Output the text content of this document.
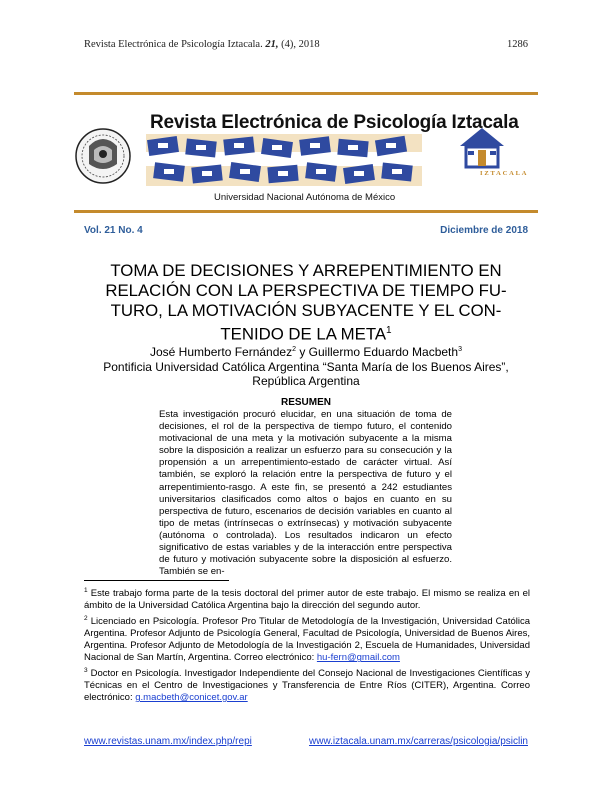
Revista Electrónica de Psicología Iztacala. 21, (4), 2018	1286
Revista Electrónica de Psicología Iztacala
Universidad Nacional Autónoma de México
IZTACALA
Vol. 21 No. 4	Diciembre de 2018
TOMA DE DECISIONES Y ARREPENTIMIENTO EN
RELACIÓN CON LA PERSPECTIVA DE TIEMPO FU-
TURO, LA MOTIVACIÓN SUBYACENTE Y EL CON-
TENIDO DE LA META$^1$
José Humberto Fernández$^2$ y Guillermo Eduardo Macbeth$^3$
Pontificia Universidad Católica Argentina “Santa María de los Buenos Aires”,
República Argentina
RESUMEN
Esta investigación procuró elucidar, en una situación de toma de decisiones, el rol de la perspectiva de tiempo futuro, el contenido motivacional de una meta y la motivación subyacente a la misma sobre la disposición a realizar un esfuerzo para su consecución y la propensión a un arrepentimiento-estado de carácter virtual. Así también, se exploró la relación entre la perspectiva de futuro y el arrepentimiento-rasgo. A este fin, se presentó a 242 estudiantes universitarios clasificados como altos o bajos en cuanto en su perspectiva de futuro, escenarios de decisión variables en cuanto al tipo de metas (intrínsecas o extrínsecas) y motivación subyacente (autónoma o controlada). Los resultados indicaron un efecto significativo de estas variables y de la interacción entre perspectiva de futuro y motivación subyacente sobre la disposición al esfuerzo. También se en-

$^1$ Este trabajo forma parte de la tesis doctoral del primer autor de este trabajo. El mismo se realiza en el ámbito de la Universidad Católica Argentina bajo la dirección del segundo autor.

$^2$ Licenciado en Psicología. Profesor Pro Titular de Metodología de la Investigación, Universidad Católica Argentina. Profesor Adjunto de Psicología General, Facultad de Psicología, Universidad de Buenos Aires, Argentina. Profesor Adjunto de Metodología de la Investigación 2, Escuela de Humanidades, Universidad Nacional de San Martín, Argentina. Correo electrónico: hu-fern@gmail.com

$^3$ Doctor en Psicología. Investigador Independiente del Consejo Nacional de Investigaciones Científicas y Técnicas en el Centro de Investigaciones y Transferencia de Entre Ríos (CITER), Argentina. Correo electrónico: g.macbeth@conicet.gov.ar

www.revistas.unam.mx/index.php/repi	www.iztacala.unam.mx/carreras/psicologia/psiclin
